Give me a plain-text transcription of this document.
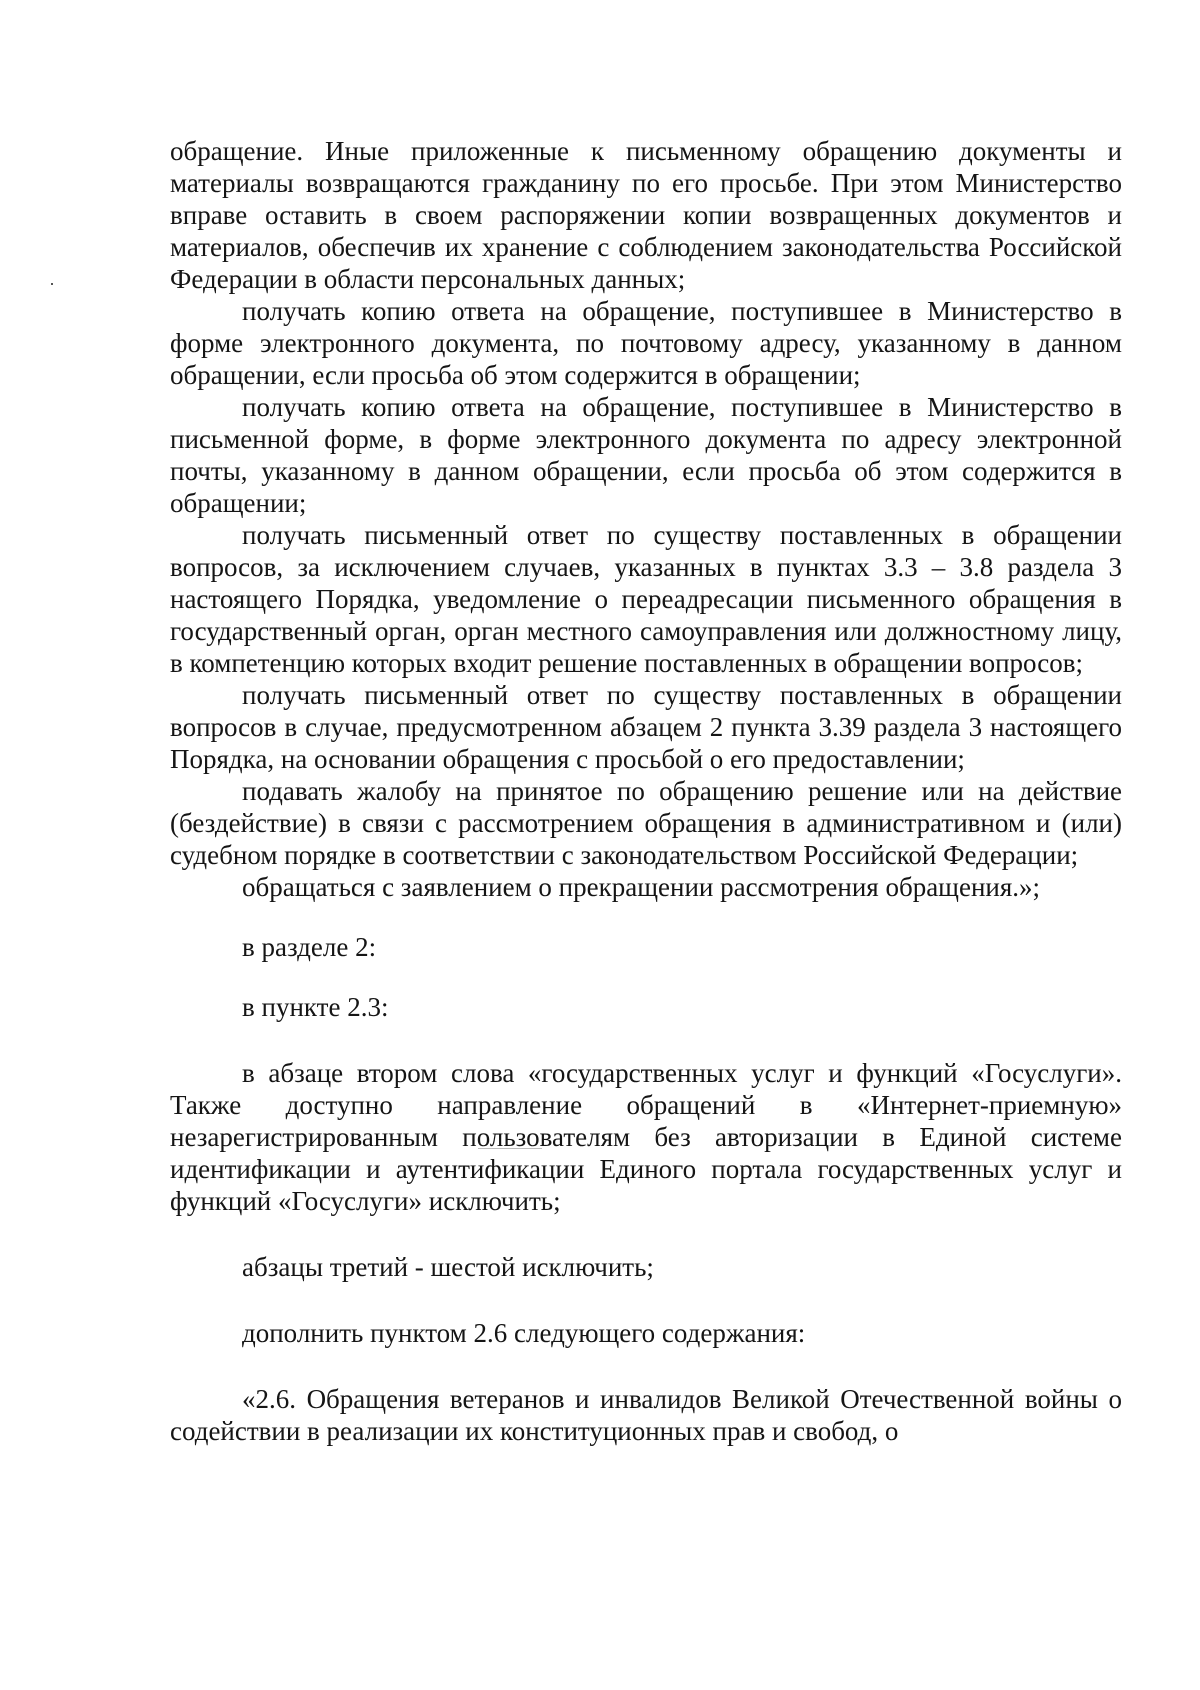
обращение. Иные приложенные к письменному обращению документы и материалы возвращаются гражданину по его просьбе. При этом Министерство вправе оставить в своем распоряжении копии возвращенных документов и материалов, обеспечив их хранение с соблюдением законодательства Российской Федерации в области персональных данных;

получать копию ответа на обращение, поступившее в Министерство в форме электронного документа, по почтовому адресу, указанному в данном обращении, если просьба об этом содержится в обращении;

получать копию ответа на обращение, поступившее в Министерство в письменной форме, в форме электронного документа по адресу электронной почты, указанному в данном обращении, если просьба об этом содержится в обращении;

получать письменный ответ по существу поставленных в обращении вопросов, за исключением случаев, указанных в пунктах 3.3 – 3.8 раздела 3 настоящего Порядка, уведомление о переадресации письменного обращения в государственный орган, орган местного самоуправления или должностному лицу, в компетенцию которых входит решение поставленных в обращении вопросов;

получать письменный ответ по существу поставленных в обращении вопросов в случае, предусмотренном абзацем 2 пункта 3.39 раздела 3 настоящего Порядка, на основании обращения с просьбой о его предоставлении;

подавать жалобу на принятое по обращению решение или на действие (бездействие) в связи с рассмотрением обращения в административном и (или) судебном порядке в соответствии с законодательством Российской Федерации;

обращаться с заявлением о прекращении рассмотрения обращения.»;

в разделе 2:

в пункте 2.3:

в абзаце втором слова «государственных услуг и функций «Госуслуги». Также доступно направление обращений в «Интернет-приемную» незарегистрированным пользователям без авторизации в Единой системе идентификации и аутентификации Единого портала государственных услуг и функций «Госуслуги» исключить;

абзацы третий - шестой исключить;

дополнить пунктом 2.6 следующего содержания:

«2.6. Обращения ветеранов и инвалидов Великой Отечественной войны о содействии в реализации их конституционных прав и свобод, о
